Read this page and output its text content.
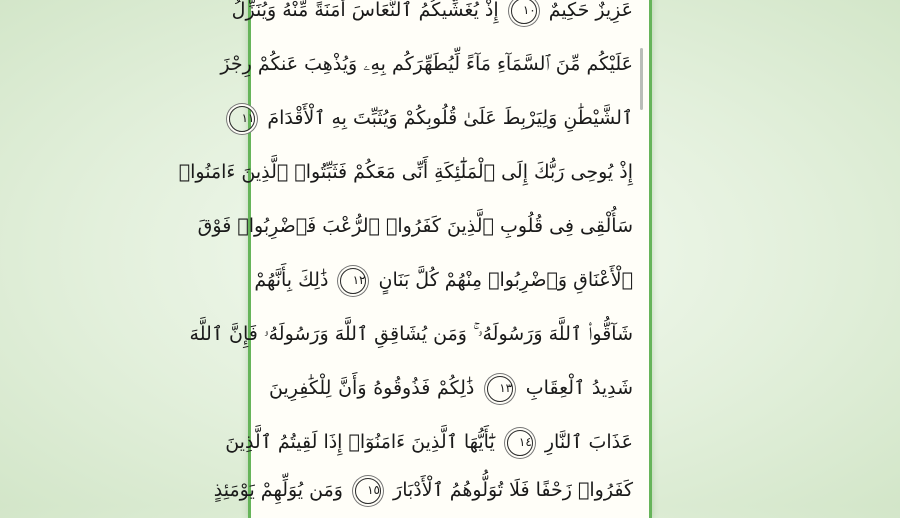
عَزِيزٌ حَكِيمٌ ١٠ إِذْ يُغَشِّيكُمُ ٱلنُّعَاسَ أَمَنَةً مِّنْهُ وَيُنَزِّلُ
عَلَيْكُم مِّنَ ٱلسَّمَآءِ مَآءً لِّيُطَهِّرَكُم بِهِۦ وَيُذْهِبَ عَنكُمْ رِجْزَ
ٱلشَّيْطَٰنِ وَلِيَرْبِطَ عَلَىٰ قُلُوبِكُمْ وَيُثَبِّتَ بِهِ ٱلْأَقْدَامَ ١١
إِذْ يُوحِى رَبُّكَ إِلَى ٱلْمَلَٰٓئِكَةِ أَنِّى مَعَكُمْ فَثَبِّتُوا۟ ٱلَّذِينَ ءَامَنُوا۟
سَأُلْقِى فِى قُلُوبِ ٱلَّذِينَ كَفَرُوا۟ ٱلرُّعْبَ فَٱضْرِبُوا۟ فَوْقَ
ٱلْأَعْنَاقِ وَٱضْرِبُوا۟ مِنْهُمْ كُلَّ بَنَانٍ ١٢ ذَٰلِكَ بِأَنَّهُمْ
شَآقُّوا۟ ٱللَّهَ وَرَسُولَهُۥ ۚ وَمَن يُشَاقِقِ ٱللَّهَ وَرَسُولَهُۥ فَإِنَّ ٱللَّهَ
شَدِيدُ ٱلْعِقَابِ ١٣ ذَٰلِكُمْ فَذُوقُوهُ وَأَنَّ لِلْكَٰفِرِينَ
عَذَابَ ٱلنَّارِ ١٤ يَٰٓأَيُّهَا ٱلَّذِينَ ءَامَنُوٓا۟ إِذَا لَقِيتُمُ ٱلَّذِينَ
كَفَرُوا۟ زَحْفًا فَلَا تُوَلُّوهُمُ ٱلْأَدْبَارَ ١٥ وَمَن يُوَلِّهِمْ يَوْمَئِذٍ
